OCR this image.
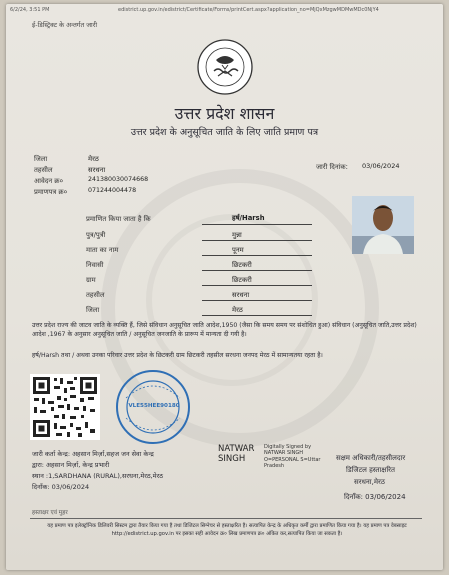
6/2/24, 3:51 PM	edistrict.up.gov.in/edistrict/Certificate/Forms/printCert.aspx?application_no=MjQxMzgwMDMwMDc0NjY4
ई-डिस्ट्रिक्ट के अन्तर्गत जारी
उत्तर प्रदेश शासन
उत्तर प्रदेश के अनुसूचित जाति के लिए जाति प्रमाण पत्र
जिला	मेरठ
तहसील	सरधना
आवेदन क्र०	241380030074668
प्रमाणपत्र क्र०	071244004478
जारी दिनांक: 03/06/2024
प्रमाणित किया जाता है कि	हर्ष/Harsh
पुत्र/पुत्री	मुन्ना
माता का नाम	पूनम
निवासी	छिटकरी
ग्राम	छिटकरी
तहसील	सरधना
जिला	मेरठ
उत्तर प्रदेश राज्य की जाटव जाति के व्यक्ति हैं, जिसे संविधान अनुसूचित जाति आदेश,1950 (जैसा कि समय समय पर संशोधित हुआ) संविधान (अनुसूचित जाति,उत्तर प्रदेश) आदेश ,1967 के अनुसार अनुसूचित जाति / अनुसूचित जनजाति के प्रारूप में मान्यता दी गयी है।
हर्ष/Harsh तथा / अथवा उनका परिवार उत्तर प्रदेश के छिटकरी ग्राम छिटकरी तहसील सरधना जनपद मेरठ में सामान्यतया रहता है।
VLE55HEE90180
जारी कर्ता केन्द्र: अहसान मिर्ज़ा,सहज जन सेवा केन्द्र
द्वारा: अहसान मिर्ज़ा, केन्द्र प्रभारी
स्थान :1,SARDHANA (RURAL),सरधना,मेरठ,मेरठ
दिनाँक: 03/06/2024
NATWAR
SINGH
Digitally Signed by NATWAR SINGH O=PERSONAL S=Uttar Pradesh
सक्षम अधिकारी/तहसीलदार
डिजिटल हस्ताक्षरित
सरधना,मेरठ
दिनाँक: 03/06/2024
हस्ताक्षर एवं मुहर
यह प्रमाण पत्र इलेक्ट्रॉनिक डिलिवरी सिस्टम द्वारा तैयार किया गया है तथा डिजिटल सिग्नेचर से हस्ताक्षरित है। सत्यापित केन्द्र के अधिकृत कर्मी द्वारा प्रमाणित किया गया है। यह प्रमाण पत्र वेबसाइट http://edistrict.up.gov.in पर इसका सही आवेदन क्र० लिख प्रमाणपत्र क्र० अंकित कर,सत्यापित किया जा सकता है।
